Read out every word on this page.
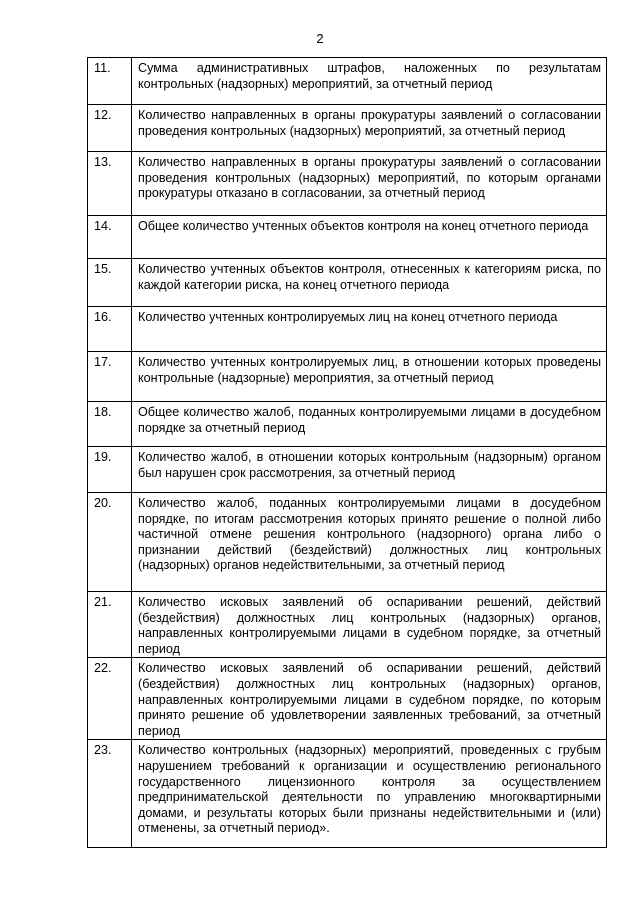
2
11.	Сумма административных штрафов, наложенных по результатам контрольных (надзорных) мероприятий, за отчетный период
12.	Количество направленных в органы прокуратуры заявлений о согласовании проведения контрольных (надзорных) мероприятий, за отчетный период
13.	Количество направленных в органы прокуратуры заявлений о согласовании проведения контрольных (надзорных) мероприятий, по которым органами прокуратуры отказано в согласовании, за отчетный период
14.	Общее количество учтенных объектов контроля на конец отчетного периода
15.	Количество учтенных объектов контроля, отнесенных к категориям риска, по каждой категории риска, на конец отчетного периода
16.	Количество учтенных контролируемых лиц на конец отчетного периода
17.	Количество учтенных контролируемых лиц, в отношении которых проведены контрольные (надзорные) мероприятия, за отчетный период
18.	Общее количество жалоб, поданных контролируемыми лицами в досудебном порядке за отчетный период
19.	Количество жалоб, в отношении которых контрольным (надзорным) органом был нарушен срок рассмотрения, за отчетный период
20.	Количество жалоб, поданных контролируемыми лицами в досудебном порядке, по итогам рассмотрения которых принято решение о полной либо частичной отмене решения контрольного (надзорного) органа либо о признании действий (бездействий) должностных лиц контрольных (надзорных) органов недействительными, за отчетный период
21.	Количество исковых заявлений об оспаривании решений, действий (бездействия) должностных лиц контрольных (надзорных) органов, направленных контролируемыми лицами в судебном порядке, за отчетный период
22.	Количество исковых заявлений об оспаривании решений, действий (бездействия) должностных лиц контрольных (надзорных) органов, направленных контролируемыми лицами в судебном порядке, по которым принято решение об удовлетворении заявленных требований, за отчетный период
23.	Количество контрольных (надзорных) мероприятий, проведенных с грубым нарушением требований к организации и осуществлению регионального государственного лицензионного контроля за осуществлением предпринимательской деятельности по управлению многоквартирными домами, и результаты которых были признаны недействительными и (или) отменены, за отчетный период».
